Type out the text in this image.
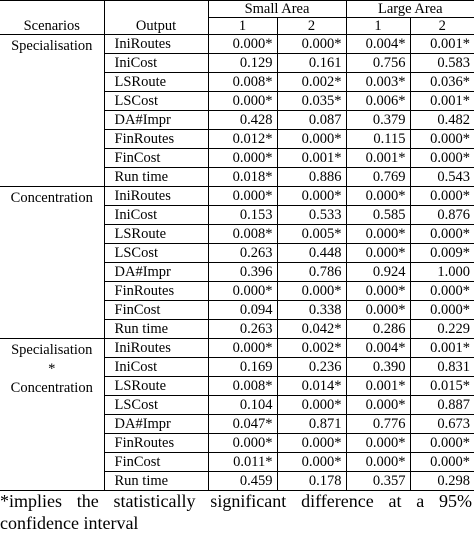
		Small Area		Large Area	
Scenarios	Output	1	2	1	2
Specialisation	IniRoutes	0.000*	0.000*	0.004*	0.001*
	IniCost	0.129	0.161	0.756	0.583
	LSRoute	0.008*	0.002*	0.003*	0.036*
	LSCost	0.000*	0.035*	0.006*	0.001*
	DA#Impr	0.428	0.087	0.379	0.482
	FinRoutes	0.012*	0.000*	0.115	0.000*
	FinCost	0.000*	0.001*	0.001*	0.000*
	Run time	0.018*	0.886	0.769	0.543
Concentration	IniRoutes	0.000*	0.000*	0.000*	0.000*
	IniCost	0.153	0.533	0.585	0.876
	LSRoute	0.008*	0.005*	0.000*	0.000*
	LSCost	0.263	0.448	0.000*	0.009*
	DA#Impr	0.396	0.786	0.924	1.000
	FinRoutes	0.000*	0.000*	0.000*	0.000*
	FinCost	0.094	0.338	0.000*	0.000*
	Run time	0.263	0.042*	0.286	0.229

Specialisation
*
Concentration	IniRoutes	0.000*	0.002*	0.004*	0.001*
	IniCost	0.169	0.236	0.390	0.831
	LSRoute	0.008*	0.014*	0.001*	0.015*
	LSCost	0.104	0.000*	0.000*	0.887
	DA#Impr	0.047*	0.871	0.776	0.673
	FinRoutes	0.000*	0.000*	0.000*	0.000*
	FinCost	0.011*	0.000*	0.000*	0.000*
	Run time	0.459	0.178	0.357	0.298
*implies the statistically significant difference at a 95% confidence interval
